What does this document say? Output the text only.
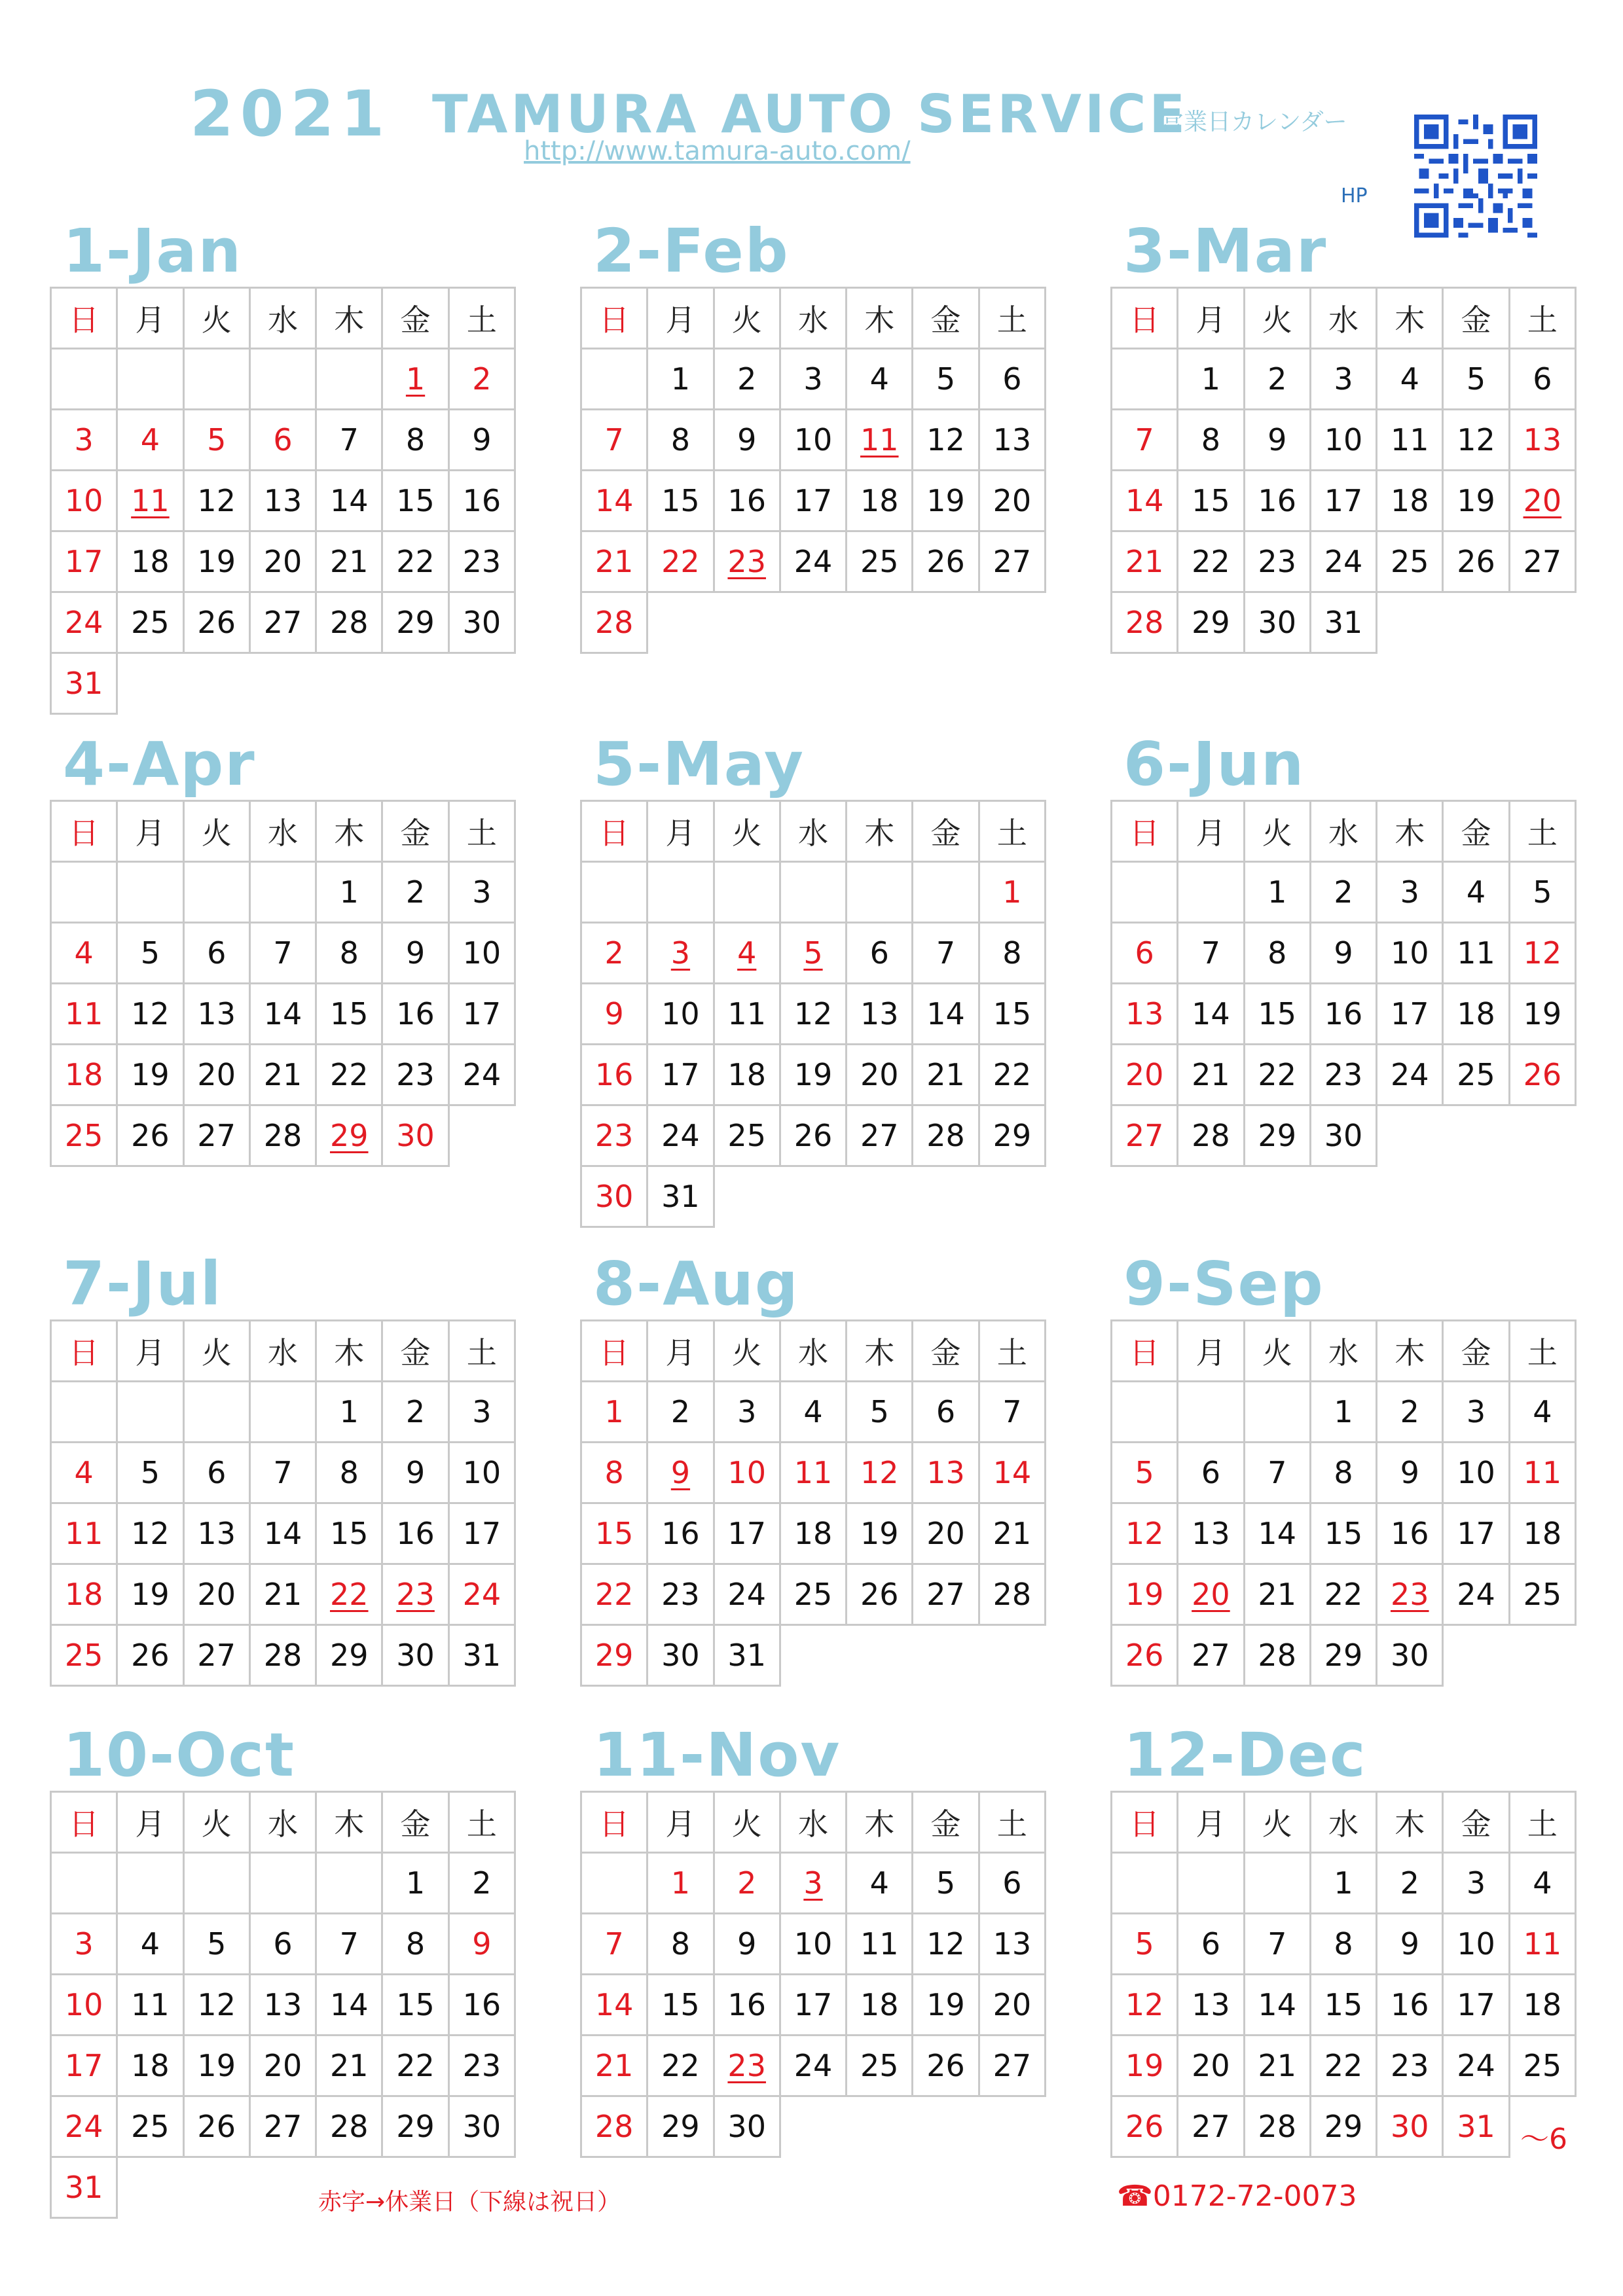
2021 TAMURA AUTO SERVICE
営業日カレンダー
http://www.tamura-auto.com/
HP
1-Jan
日	月	火	水	木	金	土
					1	2
3	4	5	6	7	8	9
10	11	12	13	14	15	16
17	18	19	20	21	22	23
24	25	26	27	28	29	30
31						
2-Feb
日	月	火	水	木	金	土
	1	2	3	4	5	6
7	8	9	10	11	12	13
14	15	16	17	18	19	20
21	22	23	24	25	26	27
28						
3-Mar
日	月	火	水	木	金	土
	1	2	3	4	5	6
7	8	9	10	11	12	13
14	15	16	17	18	19	20
21	22	23	24	25	26	27
28	29	30	31			
4-Apr
日	月	火	水	木	金	土
				1	2	3
4	5	6	7	8	9	10
11	12	13	14	15	16	17
18	19	20	21	22	23	24
25	26	27	28	29	30	
5-May
日	月	火	水	木	金	土
						1
2	3	4	5	6	7	8
9	10	11	12	13	14	15
16	17	18	19	20	21	22
23	24	25	26	27	28	29
30	31					
6-Jun
日	月	火	水	木	金	土
		1	2	3	4	5
6	7	8	9	10	11	12
13	14	15	16	17	18	19
20	21	22	23	24	25	26
27	28	29	30			
7-Jul
日	月	火	水	木	金	土
				1	2	3
4	5	6	7	8	9	10
11	12	13	14	15	16	17
18	19	20	21	22	23	24
25	26	27	28	29	30	31
8-Aug
日	月	火	水	木	金	土
1	2	3	4	5	6	7
8	9	10	11	12	13	14
15	16	17	18	19	20	21
22	23	24	25	26	27	28
29	30	31				
9-Sep
日	月	火	水	木	金	土
			1	2	3	4
5	6	7	8	9	10	11
12	13	14	15	16	17	18
19	20	21	22	23	24	25
26	27	28	29	30		
10-Oct
日	月	火	水	木	金	土
					1	2
3	4	5	6	7	8	9
10	11	12	13	14	15	16
17	18	19	20	21	22	23
24	25	26	27	28	29	30
31						
11-Nov
日	月	火	水	木	金	土
	1	2	3	4	5	6
7	8	9	10	11	12	13
14	15	16	17	18	19	20
21	22	23	24	25	26	27
28	29	30				
12-Dec
日	月	火	水	木	金	土
			1	2	3	4
5	6	7	8	9	10	11
12	13	14	15	16	17	18
19	20	21	22	23	24	25
26	27	28	29	30	31	～6
赤字→休業日（下線は祝日）	☎0172-72-0073
